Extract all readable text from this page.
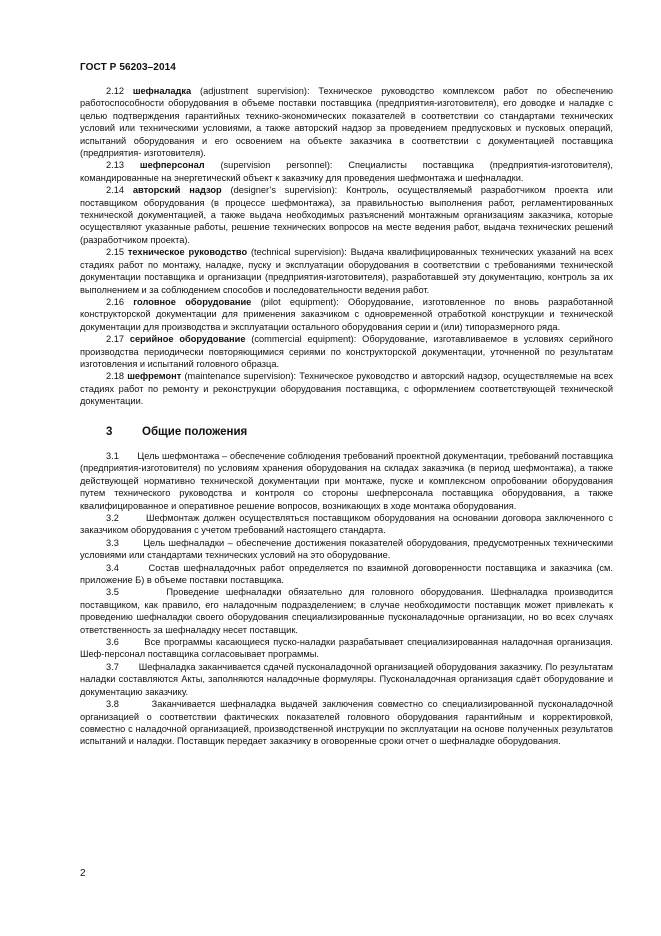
ГОСТ Р 56203–2014

2.12 шефналадка (adjustment supervision): Техническое руководство комплексом работ по обеспечению работоспособности оборудования в объеме поставки поставщика (предприятия-изготовителя), его доводке и наладке с целью подтверждения гарантийных технико-экономических показателей в соответствии со стандартами технических условий или техническими условиями, а также авторский надзор за проведением предпусковых и пусковых операций, испытаний оборудования и его освоением на объекте заказчика в соответствии с документацией поставщика (предприятия- изготовителя).

2.13 шефперсонал (supervision personnel): Специалисты поставщика (предприятия-изготовителя), командированные на энергетический объект к заказчику для проведения шефмонтажа и шефналадки.

2.14 авторский надзор (designer’s supervision): Контроль, осуществляемый разработчиком проекта или поставщиком оборудования (в процессе шефмонтажа), за правильностью выполнения работ, регламентированных технической документацией, а также выдача необходимых разъяснений монтажным организациям заказчика, которые осуществляют указанные работы, решение технических вопросов на месте ведения работ, выдача технических решений (разработчиком проекта).

2.15 техническое руководство (technical supervision): Выдача квалифицированных технических указаний на всех стадиях работ по монтажу, наладке, пуску и эксплуатации оборудования в соответствии с требованиями технической документации поставщика и организации (предприятия-изготовителя), разработавшей эту документацию, контроль за их выполнением и за соблюдением способов и последовательности ведения работ.

2.16 головное оборудование (pilot equipment): Оборудование, изготовленное по вновь разработанной конструкторской документации для применения заказчиком с одновременной отработкой конструкции и технической документации для производства и эксплуатации остального оборудования серии и (или) типоразмерного ряда.

2.17 серийное оборудование (commercial equipment): Оборудование, изготавливаемое в условиях серийного производства периодически повторяющимися сериями по конструкторской документации, уточненной по результатам изготовления и испытаний головного образца.

2.18 шефремонт (maintenance supervision): Техническое руководство и авторский надзор, осуществляемые на всех стадиях работ по ремонту и реконструкции оборудования поставщика, с оформлением соответствующей технической документации.

3	Общие положения

3.1 Цель шефмонтажа – обеспечение соблюдения требований проектной документации, требований поставщика (предприятия-изготовителя) по условиям хранения оборудования на складах заказчика (в период шефмонтажа), а также действующей нормативно технической документации при монтаже, пуске и комплексном опробовании оборудования путем технического руководства и контроля со стороны шефперсонала поставщика оборудования, а также квалифицированное и оперативное решение вопросов, возникающих в ходе монтажа оборудования.

3.2	Шефмонтаж должен осуществляться поставщиком оборудования на основании договора заключенного с заказчиком оборудования с учетом требований настоящего стандарта.

3.3	Цель шефналадки – обеспечение достижения показателей оборудования, предусмотренных техническими условиями или стандартами технических условий на это оборудование.

3.4	Состав шефналадочных работ определяется по взаимной договоренности поставщика и заказчика (см. приложение Б) в объеме поставки поставщика.

3.5	Проведение шефналадки обязательно для головного оборудования. Шефналадка производится поставщиком, как правило, его наладочным подразделением; в случае необходимости поставщик может привлекать к проведению шефналадки своего оборудования специализированные пусконаладочные организации, но во всех случаях ответственность за шефналадку несет поставщик.

3.6	Все программы касающиеся пуско-наладки разрабатывает специализированная наладочная организация. Шеф-персонал поставщика согласовывает программы.

3.7 Шефналадка заканчивается сдачей пусконаладочной организацией оборудования заказчику. По результатам наладки составляются Акты, заполняются наладочные формуляры. Пусконаладочная организация сдаёт оборудование и документацию заказчику.

3.8	Заканчивается шефналадка выдачей заключения совместно со специализированной пусконаладочной организацией о соответствии фактических показателей головного оборудования гарантийным и корректировкой, совместно с наладочной организацией, производственной инструкции по эксплуатации на основе полученных результатов испытаний и наладки. Поставщик передает заказчику в оговоренные сроки отчет о шефналадке оборудования.

2
